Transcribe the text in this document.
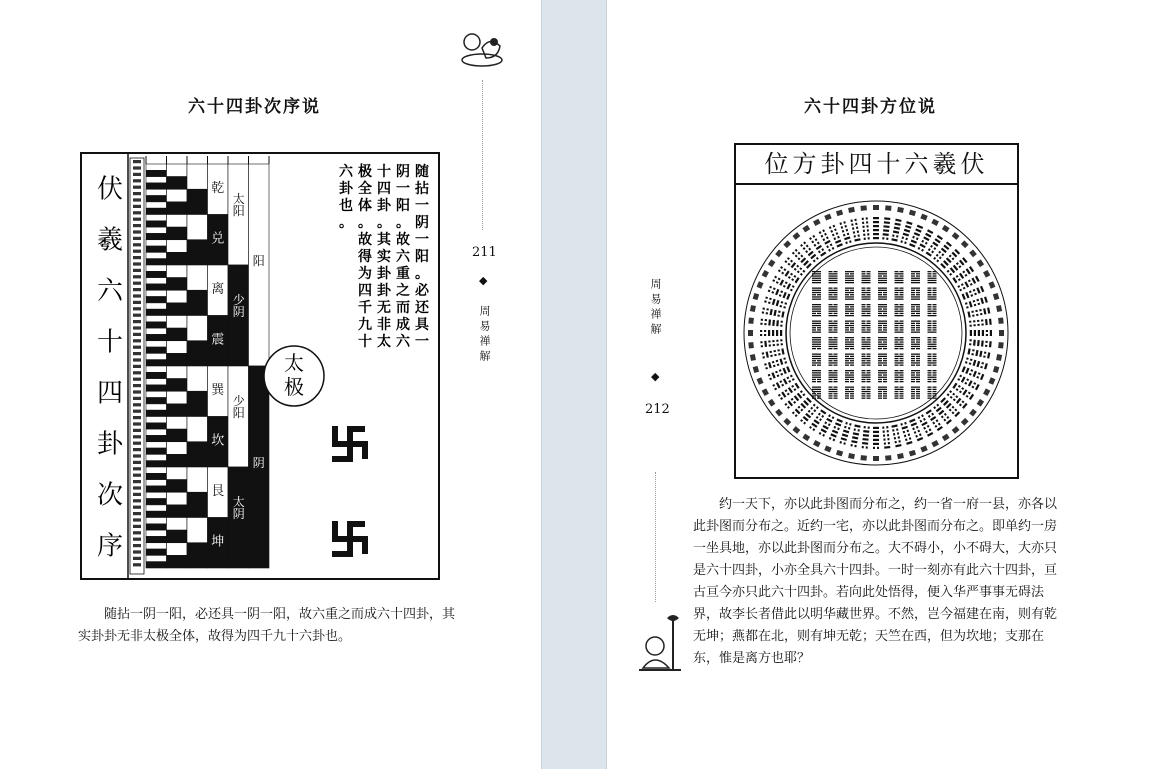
六十四卦次序说
伏
羲
六
十
四
卦
次
序
乾
兑
离
震
巽
坎
艮
坤
太阳
少阴
少阳
太阴
阳
阴
随
拈
一
阴
一
阳
。
必
还
具
一
阴
一
阳
。
故
六
重
之
而
成
六
十
四
卦
。
其
实
卦
卦
无
非
太
极
全
体
。
故
得
为
四
千
九
十
六
卦
也
。
太
极
随拈一阴一阳，必还具一阴一阳，故六重之而成六十四卦，其实卦卦无非太极全体，故得为四千九十六卦也。
211
◆
周易禅解	周易禅解
◆
212
六十四卦方位说
伏羲六十四卦方位
约一天下，亦以此卦图而分布之，约一省一府一县，亦各以此卦图而分布之。近约一宅，亦以此卦图而分布之。即单约一房一坐具地，亦以此卦图而分布之。大不碍小，小不碍大，大亦只是六十四卦，小亦全具六十四卦。一时一刻亦有此六十四卦，亘古亘今亦只此六十四卦。若向此处悟得，便入华严事事无碍法界，故李长者借此以明华藏世界。不然，岂今福建在南，则有乾无坤；燕都在北，则有坤无乾；天竺在西，但为坎地；支那在东，惟是离方也耶？
